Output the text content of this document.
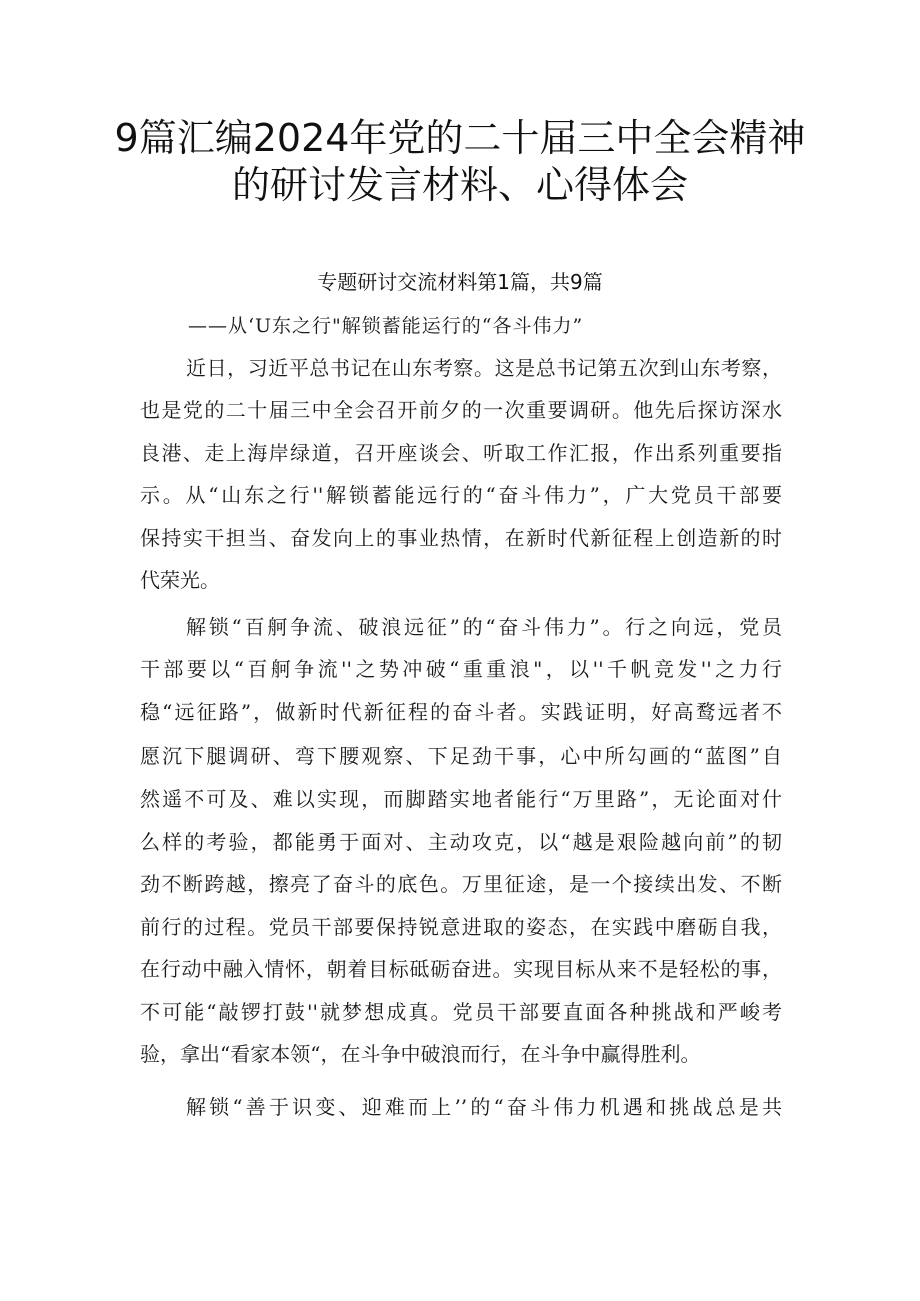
9篇汇编2024年党的二十届三中全会精神
的研讨发言材料、心得体会
专题研讨交流材料第1篇，共9篇
——从‘U东之行"解锁蓄能运行的“各斗伟力”
近日，习近平总书记在山东考察。这是总书记第五次到山东考察，
也是党的二十届三中全会召开前夕的一次重要调研。他先后探访深水
良港、走上海岸绿道，召开座谈会、听取工作汇报，作出系列重要指
示。从“山东之行''解锁蓄能远行的“奋斗伟力”，广大党员干部要
保持实干担当、奋发向上的事业热情，在新时代新征程上创造新的时
代荣光。
解锁“百舸争流、破浪远征”的“奋斗伟力”。行之向远，党员
干部要以“百舸争流''之势冲破“重重浪"，以''千帆竞发''之力行
稳“远征路”，做新时代新征程的奋斗者。实践证明，好高鹜远者不
愿沉下腿调研、弯下腰观察、下足劲干事，心中所勾画的“蓝图”自
然遥不可及、难以实现，而脚踏实地者能行“万里路”，无论面对什
么样的考验，都能勇于面对、主动攻克，以“越是艰险越向前”的韧
劲不断跨越，擦亮了奋斗的底色。万里征途，是一个接续出发、不断
前行的过程。党员干部要保持锐意进取的姿态，在实践中磨砺自我，
在行动中融入情怀，朝着目标砥砺奋进。实现目标从来不是轻松的事，
不可能“敲锣打鼓''就梦想成真。党员干部要直面各种挑战和严峻考
验，拿出“看家本领“，在斗争中破浪而行，在斗争中赢得胜利。
解锁“善于识变、迎难而上’’的“奋斗伟力机遇和挑战总是共
